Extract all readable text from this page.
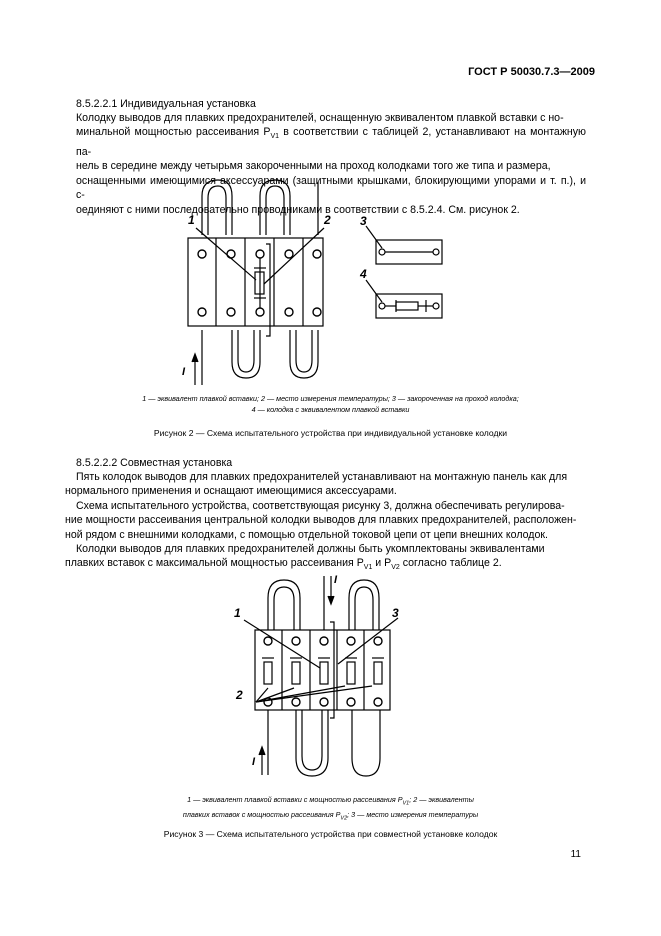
ГОСТ Р 50030.7.3—2009
8.5.2.2.1 Индивидуальная установка
Колодку выводов для плавких предохранителей, оснащенную эквивалентом плавкой вставки с но-
минальной мощностью рассеивания $P_{V1}$ в соответствии с таблицей 2, устанавливают на монтажную па-
нель в середине между четырьмя закороченными на проход колодками того же типа и размера,
оснащенными имеющимися аксессуарами (защитными крышками, блокирующими упорами и т. п.), и с-
оединяют с ними последовательно проводниками в соответствии с 8.5.2.4. См. рисунок 2.
1	2 3
4
I
1 — эквивалент плавкой вставки; 2 — место измерения температуры; 3 — закороченная на проход колодка;
4 — колодка с эквивалентом плавкой вставки
Рисунок 2 — Схема испытательного устройства при индивидуальной установке колодки
8.5.2.2.2 Совместная установка
Пять колодок выводов для плавких предохранителей устанавливают на монтажную панель как для
нормального применения и оснащают имеющимися аксессуарами.
Схема испытательного устройства, соответствующая рисунку 3, должна обеспечивать регулирова-
ние мощности рассеивания центральной колодки выводов для плавких предохранителей, расположен-
ной рядом с внешними колодками, с помощью отдельной токовой цепи от цепи внешних колодок.
Колодки выводов для плавких предохранителей должны быть укомплектованы эквивалентами
плавких вставок с максимальной мощностью рассеивания $P_{V1}$ и $P_{V2}$ согласно таблице 2.
1
2
3
I
I
1 — эквивалент плавкой вставки с мощностью рассеивания $P_{V1}$; 2 — эквиваленты
плавких вставок с мощностью рассеивания $P_{V2}$; 3 — место измерения температуры
Рисунок 3 — Схема испытательного устройства при совместной установке колодок
11
